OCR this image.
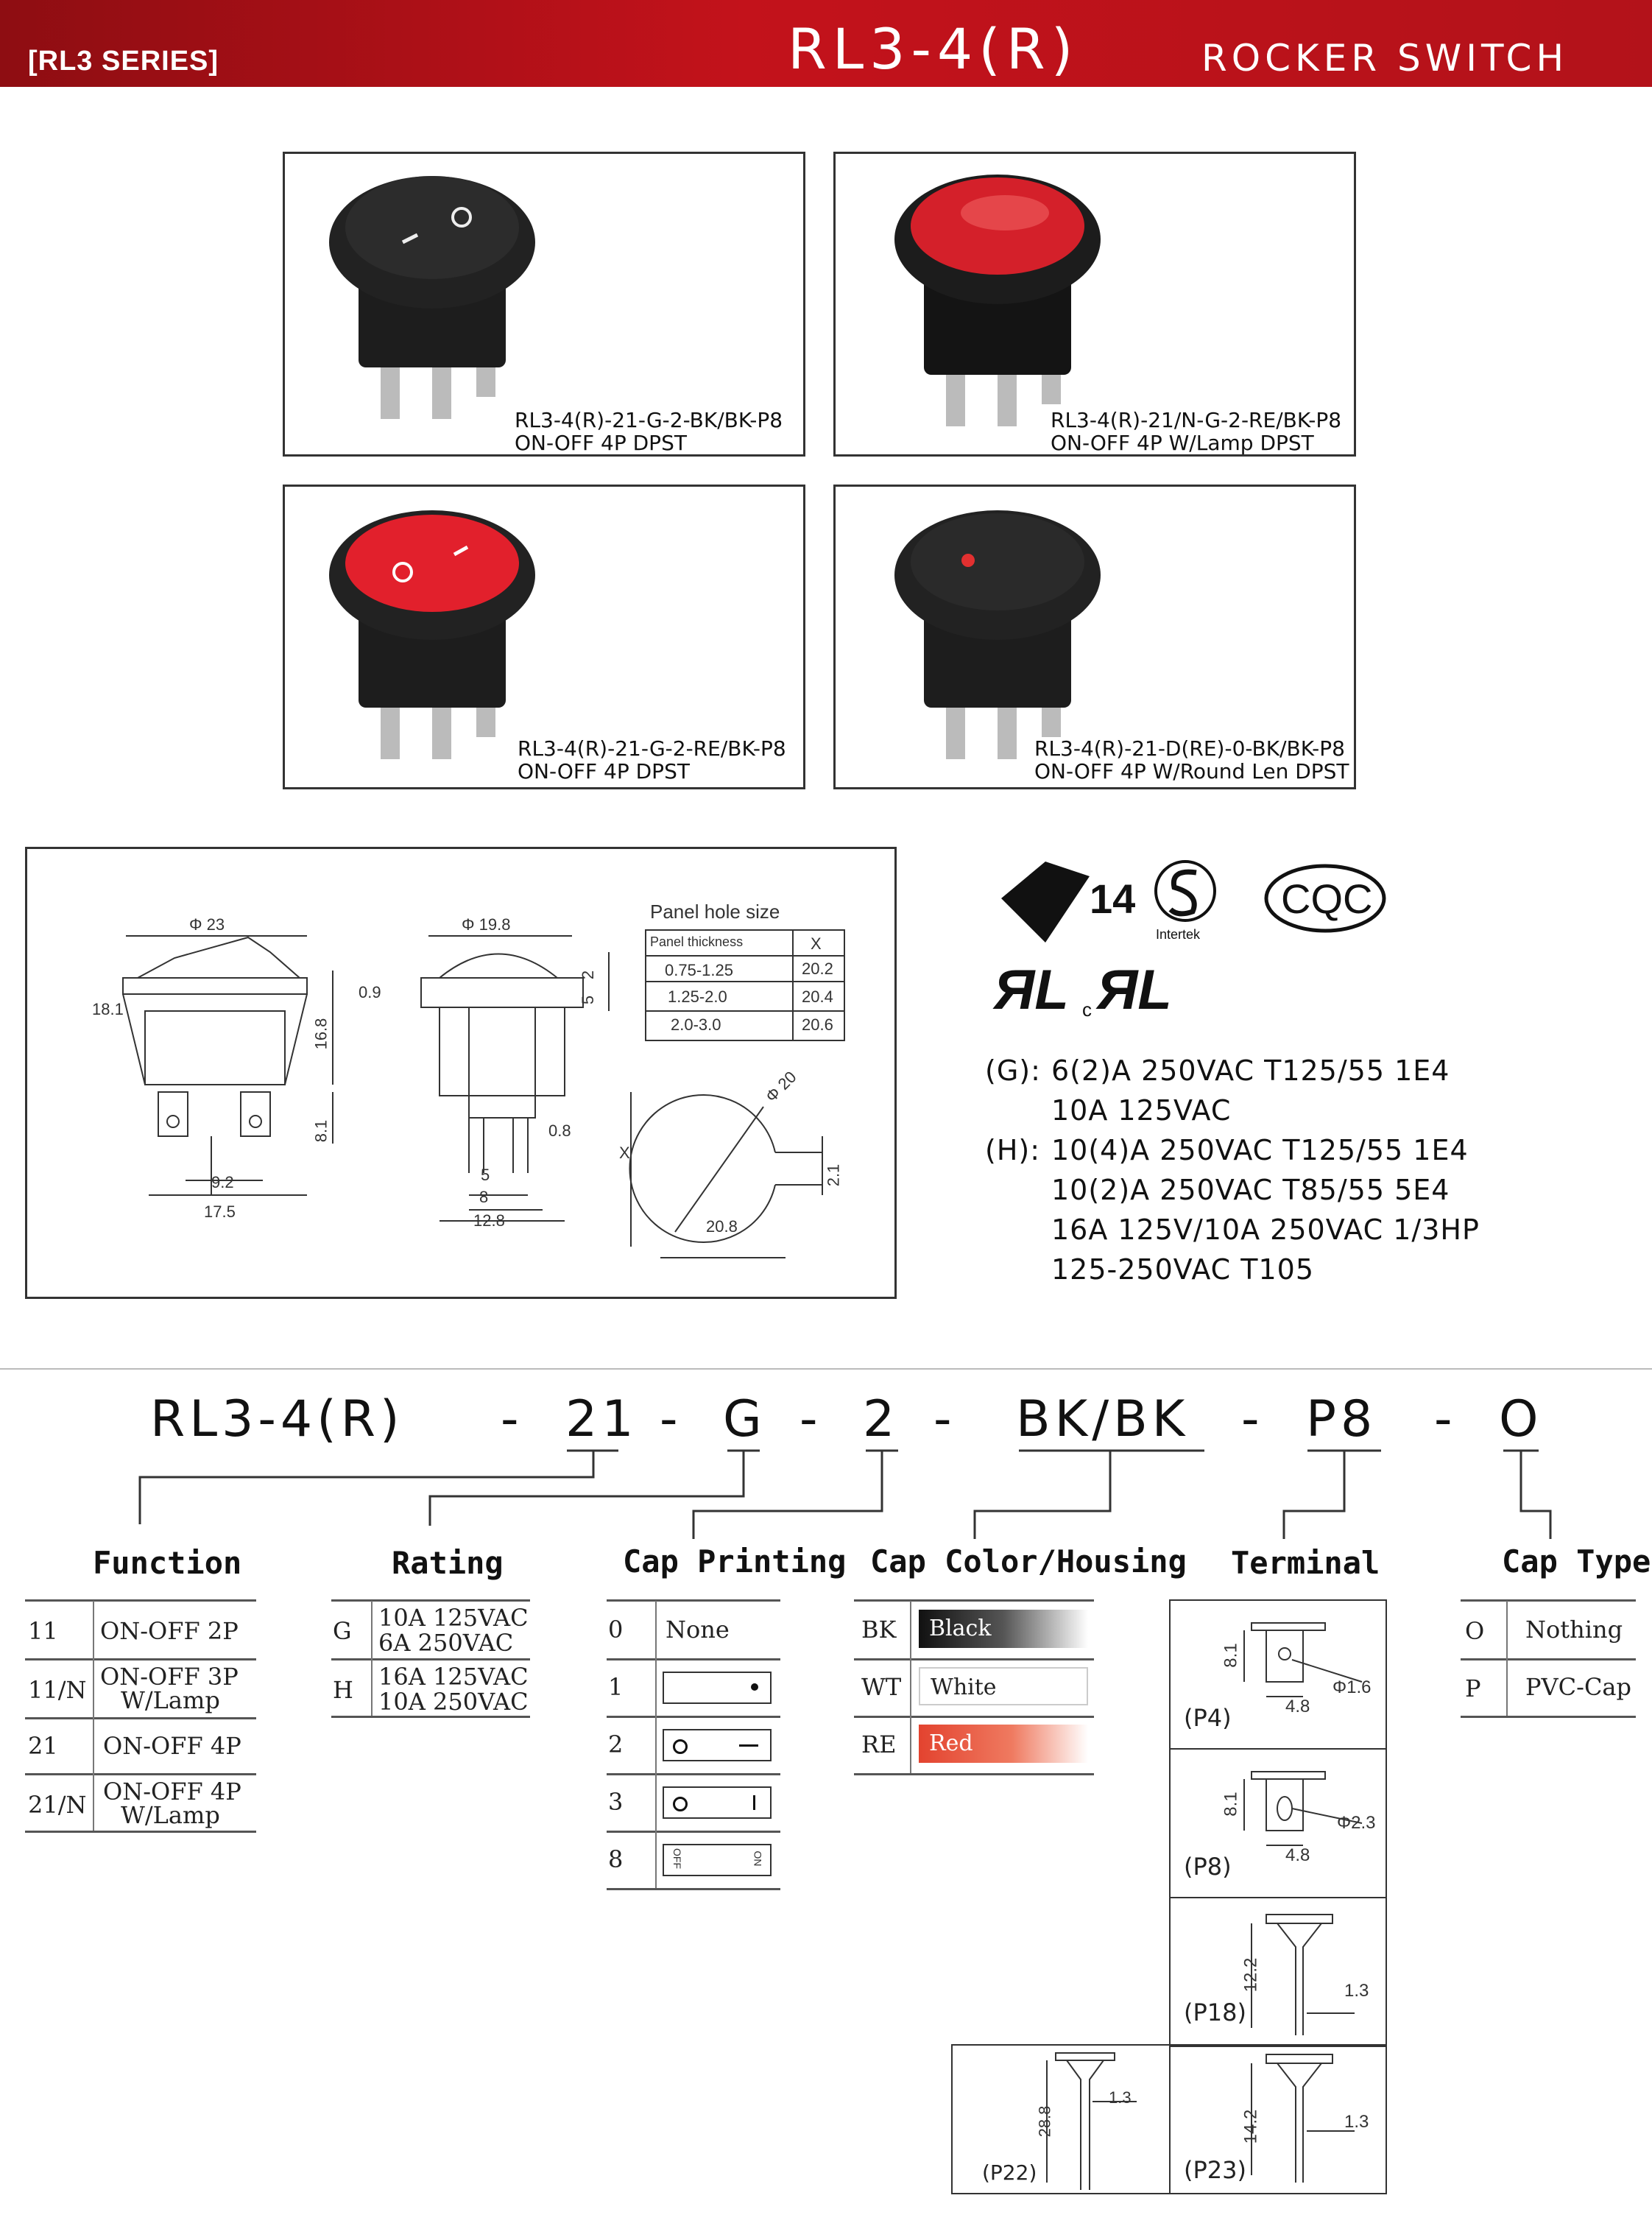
[RL3 SERIES]	RL3-4(R)	ROCKER SWITCH
RL3-4(R)-21-G-2-BK/BK-P8
ON-OFF 4P DPST
RL3-4(R)-21/N-G-2-RE/BK-P8
ON-OFF 4P W/Lamp DPST
RL3-4(R)-21-G-2-RE/BK-P8
ON-OFF 4P DPST
RL3-4(R)-21-D(RE)-0-BK/BK-P8
ON-OFF 4P W/Round Len DPST
Φ 23
18.1
16.8
8.1
9.2
17.5
Φ 19.8
0.9
2
5
0.8
5
8
12.8
Panel hole size
Panel thickness	X
0.75-1.25	20.2
1.25-2.0	20.4
2.0-3.0	20.6
X
Φ 20
2.1
20.8
14
Intertek
CQC
ЯL c ЯL
(G): 6(2)A 250VAC T125/55 1E4
10A 125VAC
(H): 10(4)A 250VAC T125/55 1E4
10(2)A 250VAC T85/55 5E4
16A 125V/10A 250VAC 1/3HP
125-250VAC T105
RL3-4(R) - 21 - G - 2 - BK/BK - P8 - O
Function
11 ON-OFF 2P
11/N ON-OFF 3P
W/Lamp
21 ON-OFF 4P
21/N ON-OFF 4P
W/Lamp
Rating
G 10A 125VAC
6A 250VAC
H 16A 125VAC
10A 250VAC
Cap Printing
0 None
1
2
3
8	OFF	ON
Cap Color/Housing
BK	Black
WT	White
RE	Red
Terminal
8.1
4.8
Φ1.6
(P4)
8.1
4.8
Φ2.3
(P8)
12.2	1.3
(P18)
28.8
1.3
(P22)
14.2	1.3
(P23)
Cap Type
O Nothing
P PVC-Cap
